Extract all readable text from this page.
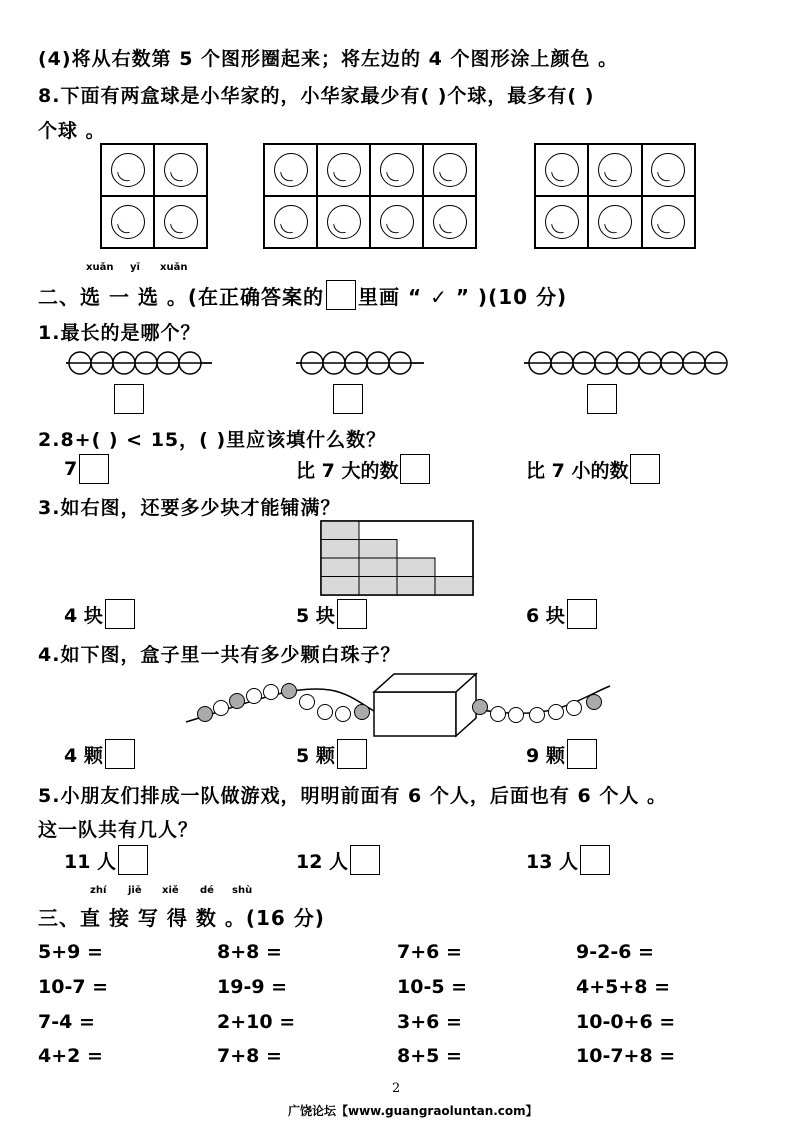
(4)将从右数第 5 个图形圈起来；将左边的 4 个图形涂上颜色 。
8.下面有两盒球是小华家的，小华家最少有( )个球，最多有( )
个球 。
xuǎn yī xuǎn
二、选 一 选 。 (在正确答案的 里画 “ ✓ ” )(10 分)
1.最长的是哪个？
2.8+( ) < 15，( )里应该填什么数？
7	比 7 大的数	比 7 小的数
3.如右图，还要多少块才能铺满？
4 块	5 块	6 块
4.如下图，盒子里一共有多少颗白珠子？
4 颗	5 颗	9 颗
5.小朋友们排成一队做游戏，明明前面有 6 个人，后面也有 6 个人 。
这一队共有几人？
11 人	12 人	13 人
zhí jiē xiě dé shù
三、直 接 写 得 数 。(16 分)
5+9 =	8+8 =	7+6 =	9-2-6 =
10-7 =	19-9 =	10-5 =	4+5+8 =
7-4 =	2+10 =	3+6 =	10-0+6 =
4+2 =	7+8 =	8+5 =	10-7+8 =
2
广饶论坛【www.guangraoluntan.com】
